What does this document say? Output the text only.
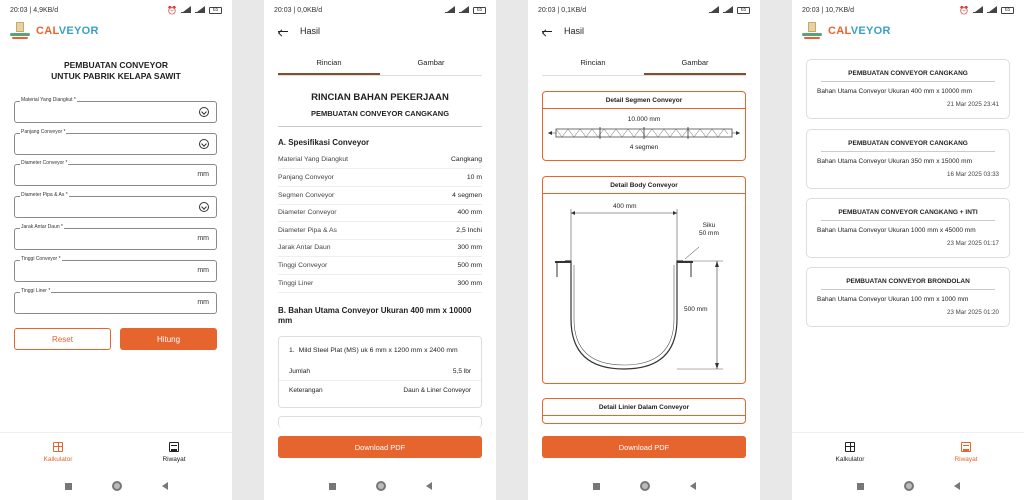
20:03 | 4,9KB/d	⏰	65
CALVEYOR
PEMBUATAN CONVEYOR
UNTUK PABRIK KELAPA SAWIT
Material Yang Diangkut *
Panjang Conveyor *
Diameter Conveyor *
mm
Diameter Pipa & As *
Jarak Antar Daun *
mm
Tinggi Conveyor *
mm
Tinggi Liner *
mm
Reset	Hitung
Kalkulator	Riwayat
20:03 | 0,0KB/d	65
Hasil
Rincian	Gambar
RINCIAN BAHAN PEKERJAAN
PEMBUATAN CONVEYOR CANGKANG
A. Spesifikasi Conveyor
Material Yang Diangkut	Cangkang
Panjang Conveyor	10 m
Segmen Conveyor	4 segmen
Diameter Conveyor	400 mm
Diameter Pipa & As	2,5 Inchi
Jarak Antar Daun	300 mm
Tinggi Conveyor	500 mm
Tinggi Liner	300 mm
B. Bahan Utama Conveyor Ukuran 400 mm x 10000 mm
1. Mild Steel Plat (MS) uk 6 mm x 1200 mm x 2400 mm
Jumlah	5,5 lbr
Keterangan	Daun & Liner Conveyor
Download PDF
20:03 | 0,1KB/d	65
Hasil
Rincian	Gambar
Detail Segmen Conveyor
10.000 mm
4 segmen
Detail Body Conveyor
400 mm
Siku
50 mm
500 mm
Detail Linier Dalam Conveyor
Download PDF
20:03 | 10,7KB/d	⏰	65
CALVEYOR
PEMBUATAN CONVEYOR CANGKANG
Bahan Utama Conveyor Ukuran 400 mm x 10000 mm
21 Mar 2025 23:41
PEMBUATAN CONVEYOR CANGKANG
Bahan Utama Conveyor Ukuran 350 mm x 15000 mm
16 Mar 2025 03:33
PEMBUATAN CONVEYOR CANGKANG + INTI
Bahan Utama Conveyor Ukuran 1000 mm x 45000 mm
23 Mar 2025 01:17
PEMBUATAN CONVEYOR BRONDOLAN
Bahan Utama Conveyor Ukuran 100 mm x 1000 mm
23 Mar 2025 01:20
Kalkulator	Riwayat
